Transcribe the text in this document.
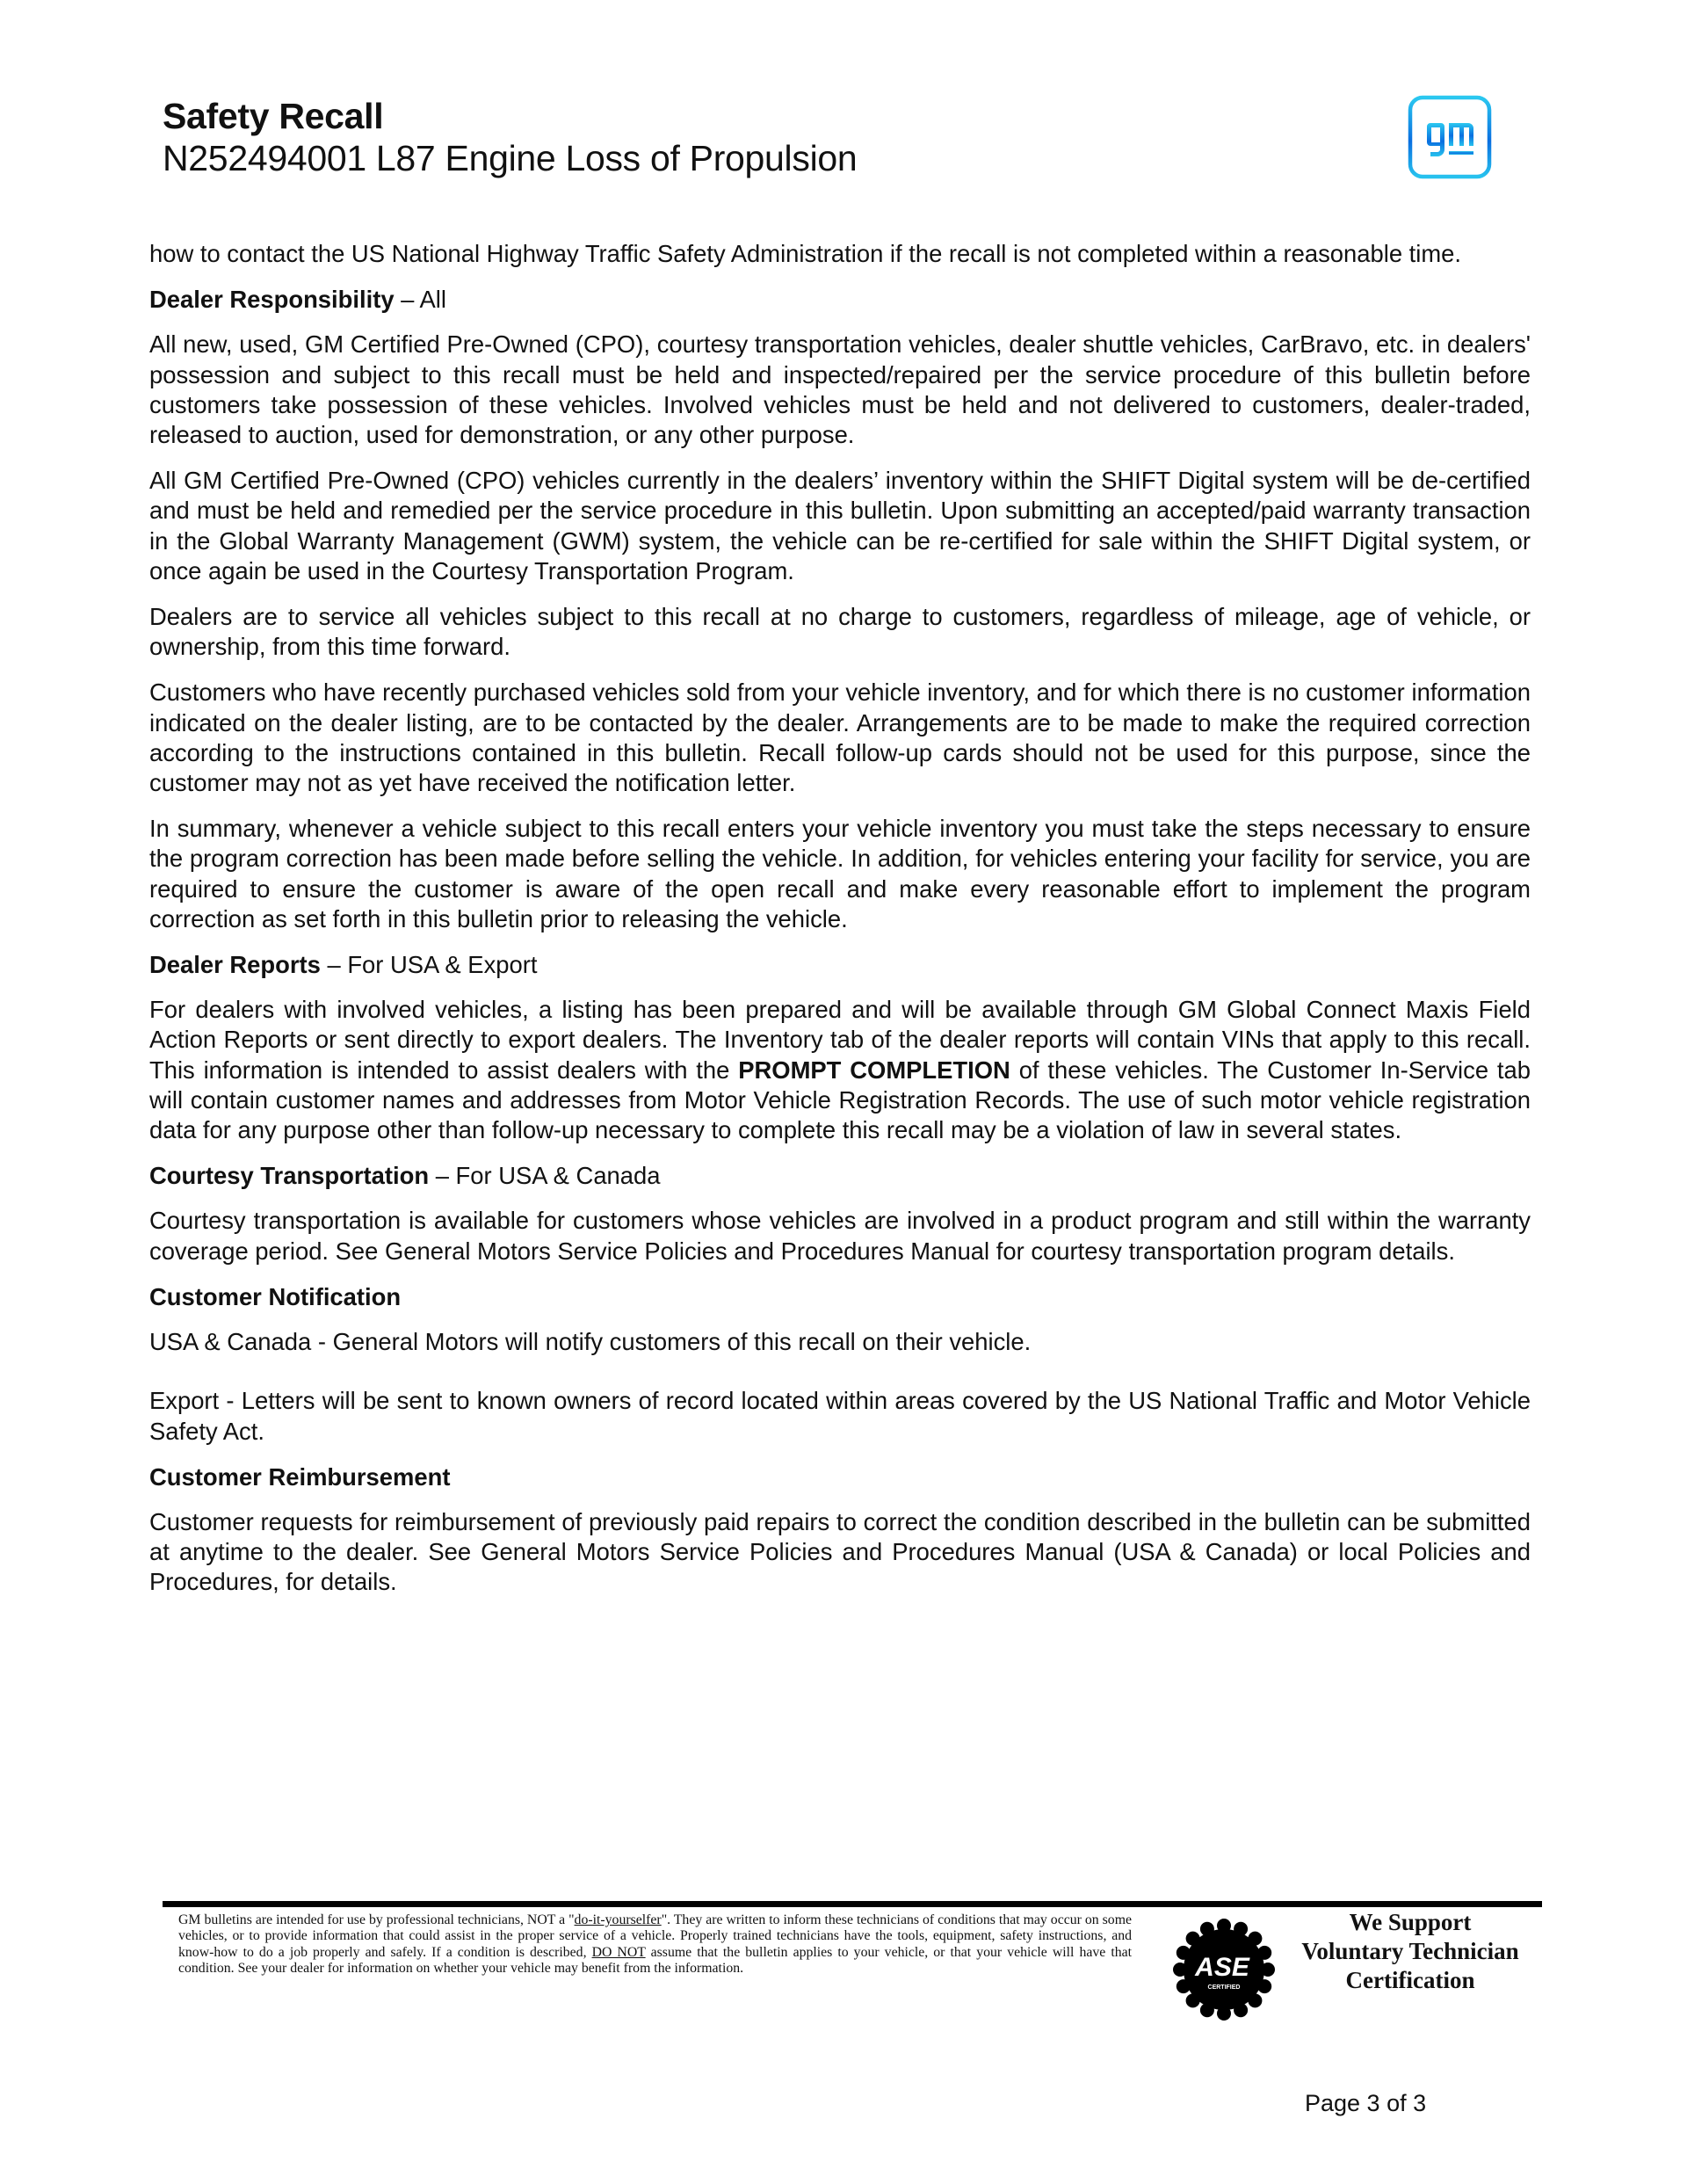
Safety Recall
N252494001 L87 Engine Loss of Propulsion

how to contact the US National Highway Traffic Safety Administration if the recall is not completed within a reasonable time.

Dealer Responsibility – All

All new, used, GM Certified Pre-Owned (CPO), courtesy transportation vehicles, dealer shuttle vehicles, CarBravo, etc. in dealers' possession and subject to this recall must be held and inspected/repaired per the service procedure of this bulletin before customers take possession of these vehicles. Involved vehicles must be held and not delivered to customers, dealer-traded, released to auction, used for demonstration, or any other purpose.

All GM Certified Pre-Owned (CPO) vehicles currently in the dealers’ inventory within the SHIFT Digital system will be de-certified and must be held and remedied per the service procedure in this bulletin. Upon submitting an accepted/paid warranty transaction in the Global Warranty Management (GWM) system, the vehicle can be re-certified for sale within the SHIFT Digital system, or once again be used in the Courtesy Transportation Program.

Dealers are to service all vehicles subject to this recall at no charge to customers, regardless of mileage, age of vehicle, or ownership, from this time forward.

Customers who have recently purchased vehicles sold from your vehicle inventory, and for which there is no customer information indicated on the dealer listing, are to be contacted by the dealer. Arrangements are to be made to make the required correction according to the instructions contained in this bulletin. Recall follow-up cards should not be used for this purpose, since the customer may not as yet have received the notification letter.

In summary, whenever a vehicle subject to this recall enters your vehicle inventory you must take the steps necessary to ensure the program correction has been made before selling the vehicle. In addition, for vehicles entering your facility for service, you are required to ensure the customer is aware of the open recall and make every reasonable effort to implement the program correction as set forth in this bulletin prior to releasing the vehicle.

Dealer Reports – For USA & Export

For dealers with involved vehicles, a listing has been prepared and will be available through GM Global Connect Maxis Field Action Reports or sent directly to export dealers. The Inventory tab of the dealer reports will contain VINs that apply to this recall. This information is intended to assist dealers with the PROMPT COMPLETION of these vehicles. The Customer In-Service tab will contain customer names and addresses from Motor Vehicle Registration Records. The use of such motor vehicle registration data for any purpose other than follow-up necessary to complete this recall may be a violation of law in several states.

Courtesy Transportation – For USA & Canada

Courtesy transportation is available for customers whose vehicles are involved in a product program and still within the warranty coverage period. See General Motors Service Policies and Procedures Manual for courtesy transportation program details.

Customer Notification

USA & Canada - General Motors will notify customers of this recall on their vehicle.

Export - Letters will be sent to known owners of record located within areas covered by the US National Traffic and Motor Vehicle Safety Act.

Customer Reimbursement

Customer requests for reimbursement of previously paid repairs to correct the condition described in the bulletin can be submitted at anytime to the dealer. See General Motors Service Policies and Procedures Manual (USA & Canada) or local Policies and Procedures, for details.

GM bulletins are intended for use by professional technicians, NOT a "do-it-yourselfer". They are written to inform these technicians of conditions that may occur on some vehicles, or to provide information that could assist in the proper service of a vehicle. Properly trained technicians have the tools, equipment, safety instructions, and know-how to do a job properly and safely. If a condition is described, DO NOT assume that the bulletin applies to your vehicle, or that your vehicle will have that condition. See your dealer for information on whether your vehicle may benefit from the information.	ASE
CERTIFIED
We Support
Voluntary Technician
Certification
Page 3 of 3
